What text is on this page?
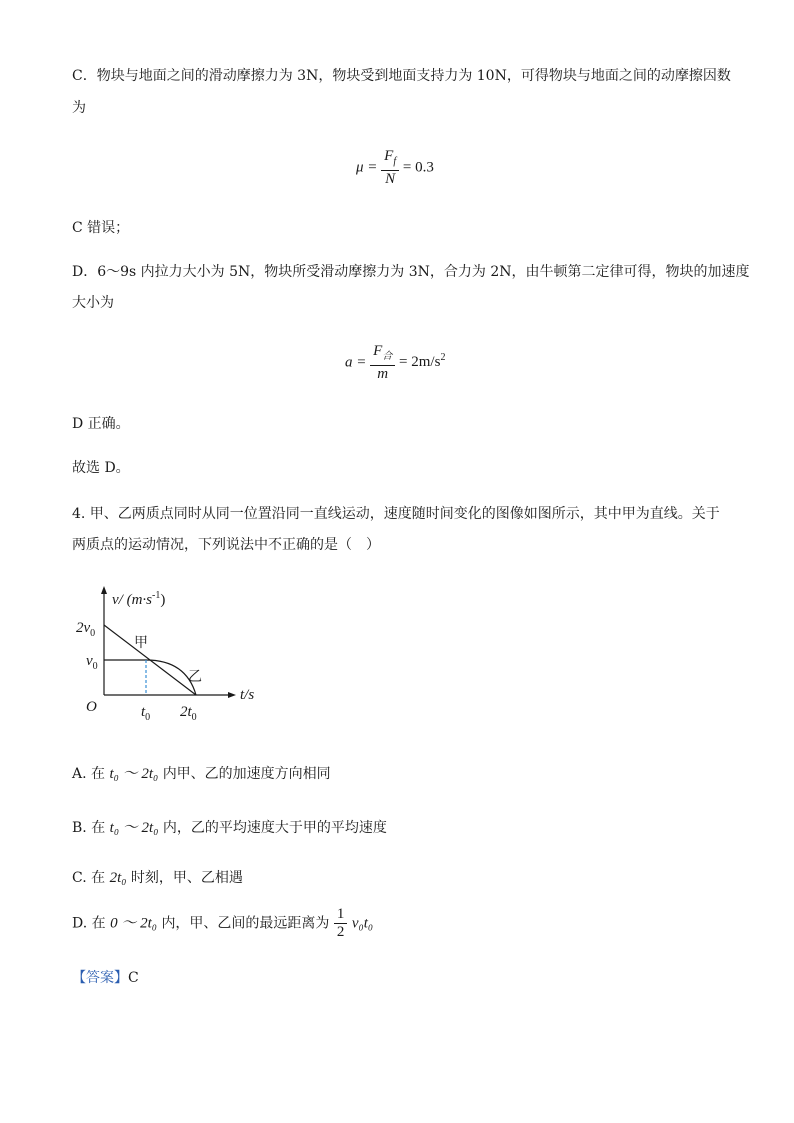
C．物块与地面之间的滑动摩擦力为 3N，物块受到地面支持力为 10N，可得物块与地面之间的动摩擦因数
为
$\mu = \frac{F_f}{N} = 0.3$
C 错误；
D．6～9s 内拉力大小为 5N，物块所受滑动摩擦力为 3N，合力为 2N，由牛顿第二定律可得，物块的加速度
大小为
$a = \frac{F_合}{m} = 2m/s^2$
D 正确。
故选 D。
4. 甲、乙两质点同时从同一位置沿同一直线运动，速度随时间变化的图像如图所示，其中甲为直线。关于
两质点的运动情况，下列说法中不正确的是（　）
v/ $(m\cdot s^{-1})$
$2v_0$
$v_0$
O	$t_0$ $2t_0$
t/s
甲
乙
A. 在 t₀ ～ 2t₀ 内甲、乙的加速度方向相同
B. 在 t₀ ～ 2t₀ 内，乙的平均速度大于甲的平均速度
C. 在 2t₀ 时刻，甲、乙相遇
D. 在 0 ～ 2t₀ 内，甲、乙间的最远距离为 $\frac{1}{2} v_0t_0$
【答案】C
